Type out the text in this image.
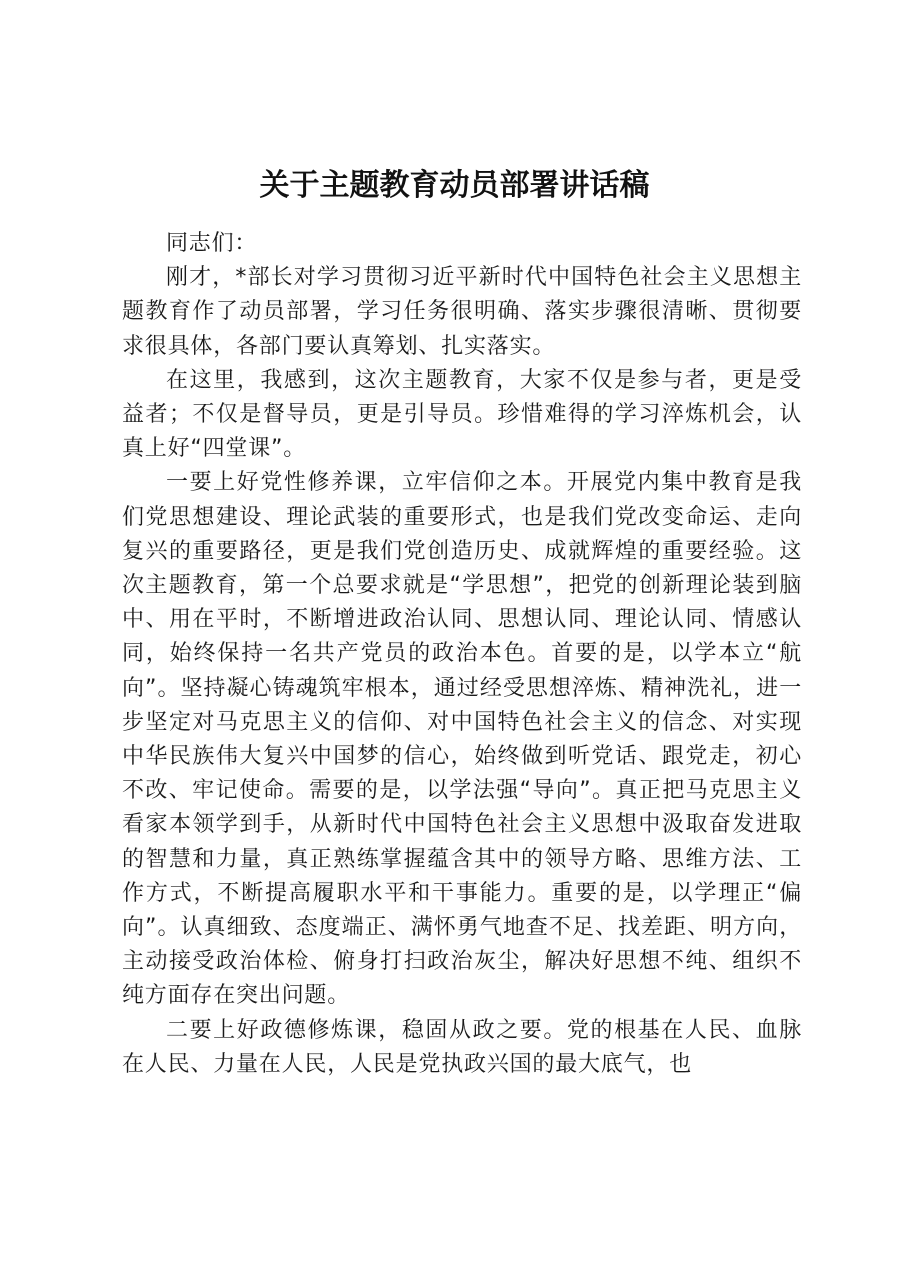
关于主题教育动员部署讲话稿

同志们：

刚才，*部长对学习贯彻习近平新时代中国特色社会主义思想主题教育作了动员部署，学习任务很明确、落实步骤很清晰、贯彻要求很具体，各部门要认真筹划、扎实落实。

在这里，我感到，这次主题教育，大家不仅是参与者，更是受益者；不仅是督导员，更是引导员。珍惜难得的学习淬炼机会，认真上好“四堂课”。

一要上好党性修养课，立牢信仰之本。开展党内集中教育是我们党思想建设、理论武装的重要形式，也是我们党改变命运、走向复兴的重要路径，更是我们党创造历史、成就辉煌的重要经验。这次主题教育，第一个总要求就是“学思想”，把党的创新理论装到脑中、用在平时，不断增进政治认同、思想认同、理论认同、情感认同，始终保持一名共产党员的政治本色。首要的是，以学本立“航向”。坚持凝心铸魂筑牢根本，通过经受思想淬炼、精神洗礼，进一步坚定对马克思主义的信仰、对中国特色社会主义的信念、对实现中华民族伟大复兴中国梦的信心，始终做到听党话、跟党走，初心不改、牢记使命。需要的是，以学法强“导向”。真正把马克思主义看家本领学到手，从新时代中国特色社会主义思想中汲取奋发进取的智慧和力量，真正熟练掌握蕴含其中的领导方略、思维方法、工作方式，不断提高履职水平和干事能力。重要的是，以学理正“偏向”。认真细致、态度端正、满怀勇气地查不足、找差距、明方向，主动接受政治体检、俯身打扫政治灰尘，解决好思想不纯、组织不纯方面存在突出问题。

二要上好政德修炼课，稳固从政之要。党的根基在人民、血脉在人民、力量在人民，人民是党执政兴国的最大底气，也
